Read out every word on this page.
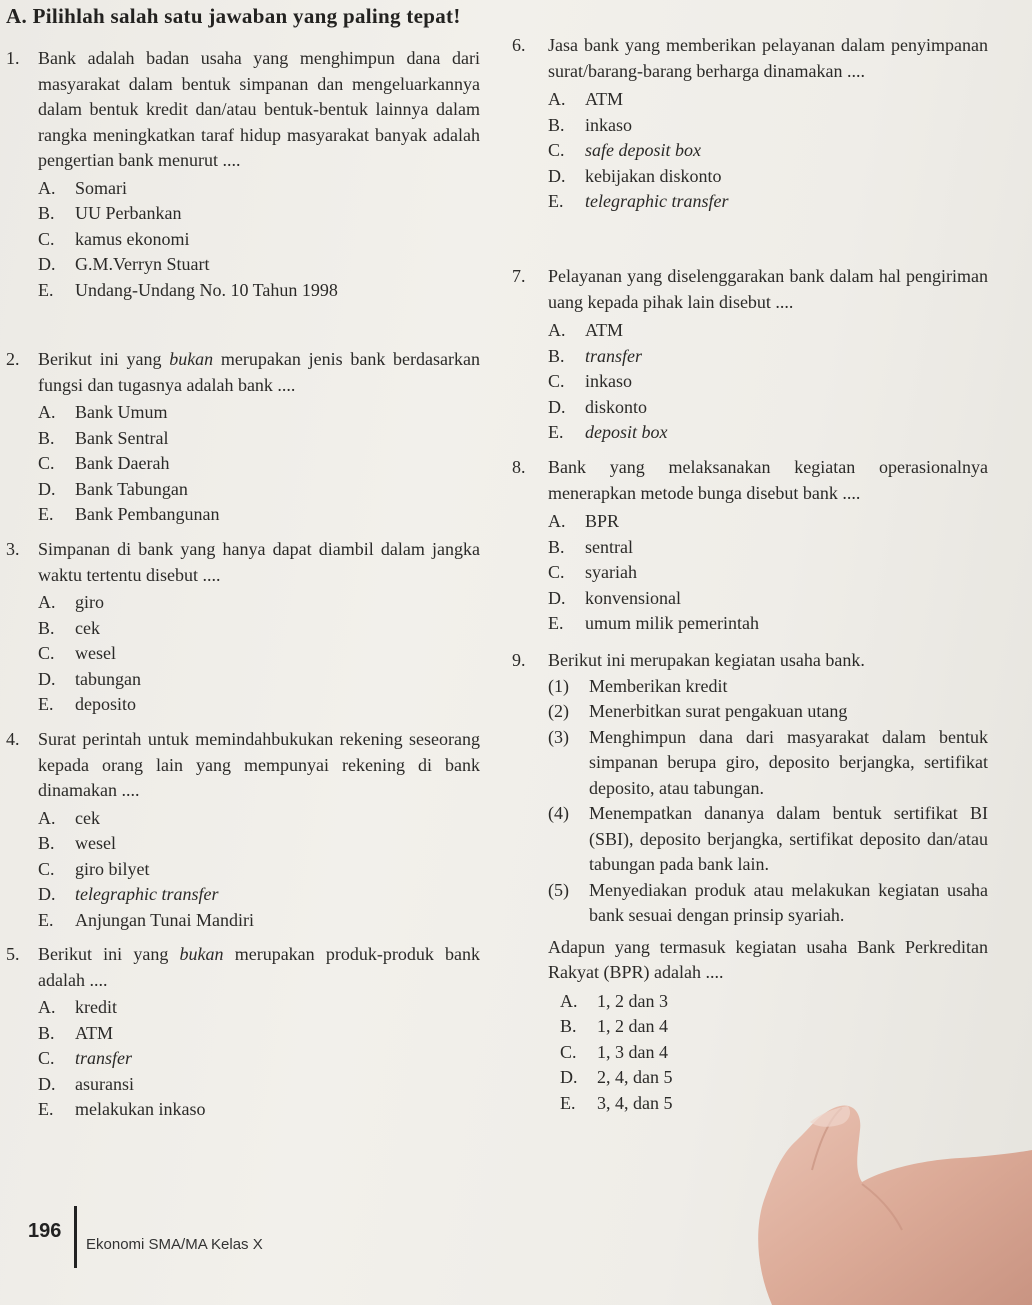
A. Pilihlah salah satu jawaban yang paling tepat!
1. Bank adalah badan usaha yang menghimpun dana dari masyarakat dalam bentuk simpanan dan mengeluarkannya dalam bentuk kredit dan/atau bentuk-bentuk lainnya dalam rangka meningkatkan taraf hidup masyarakat banyak adalah pengertian bank menurut ....
A.	Somari
B.	UU Perbankan
C.	kamus ekonomi
D.	G.M.Verryn Stuart
E.	Undang-Undang No. 10 Tahun 1998
2. Berikut ini yang bukan merupakan jenis bank berdasarkan fungsi dan tugasnya adalah bank ....
A.	Bank Umum
B.	Bank Sentral
C.	Bank Daerah
D.	Bank Tabungan
E.	Bank Pembangunan
3. Simpanan di bank yang hanya dapat diambil dalam jangka waktu tertentu disebut ....
A.	giro
B.	cek
C.	wesel
D.	tabungan
E.	deposito
4. Surat perintah untuk memindahbukukan rekening seseorang kepada orang lain yang mempunyai rekening di bank dinamakan ....
A.	cek
B.	wesel
C.	giro bilyet
D.	telegraphic transfer
E.	Anjungan Tunai Mandiri
5. Berikut ini yang bukan merupakan produk-produk bank adalah ....
A.	kredit
B.	ATM
C.	transfer
D.	asuransi
E.	melakukan inkaso
6. Jasa bank yang memberikan pelayanan dalam penyimpanan surat/barang-barang berharga dinamakan ....
A.	ATM
B.	inkaso
C.	safe deposit box
D.	kebijakan diskonto
E.	telegraphic transfer
7. Pelayanan yang diselenggarakan bank dalam hal pengiriman uang kepada pihak lain disebut ....
A.	ATM
B.	transfer
C.	inkaso
D.	diskonto
E.	deposit box
8. Bank yang melaksanakan kegiatan operasionalnya menerapkan metode bunga disebut bank ....
A.	BPR
B.	sentral
C.	syariah
D.	konvensional
E.	umum milik pemerintah
9. Berikut ini merupakan kegiatan usaha bank.
(1)	Memberikan kredit
(2)	Menerbitkan surat pengakuan utang
(3)	Menghimpun dana dari masyarakat dalam bentuk simpanan berupa giro, deposito berjangka, sertifikat deposito, atau tabungan.
(4)	Menempatkan dananya dalam bentuk sertifikat BI (SBI), deposito berjangka, sertifikat deposito dan/atau tabungan pada bank lain.
(5)	Menyediakan produk atau melakukan kegiatan usaha bank sesuai dengan prinsip syariah.
Adapun yang termasuk kegiatan usaha Bank Perkreditan Rakyat (BPR) adalah ....
A.	1, 2 dan 3
B.	1, 2 dan 4
C.	1, 3 dan 4
D.	2, 4, dan 5
E.	3, 4, dan 5
196
Ekonomi SMA/MA Kelas X
